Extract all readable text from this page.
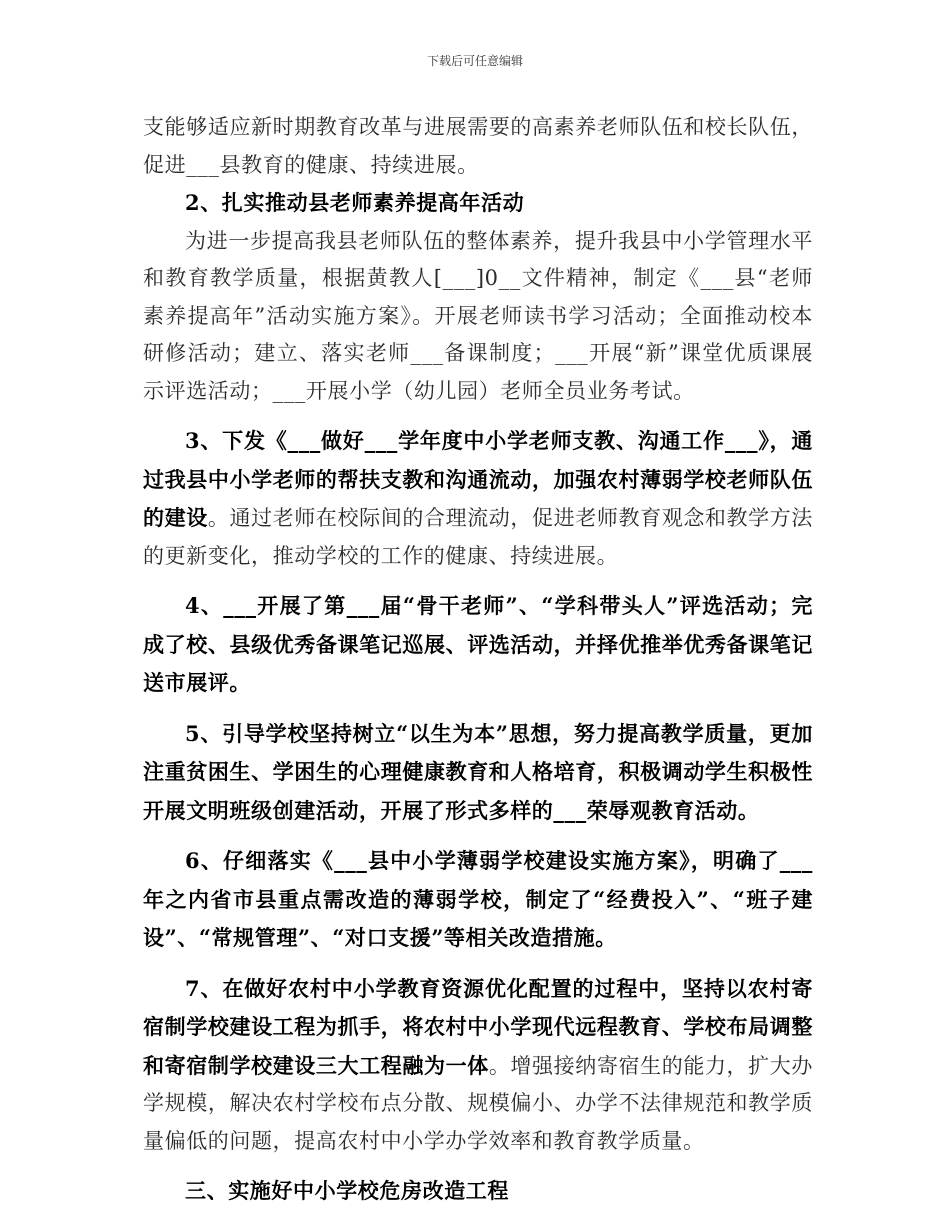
下载后可任意编辑

支能够适应新时期教育改革与进展需要的高素养老师队伍和校长队伍，促进___县教育的健康、持续进展。

2、扎实推动县老师素养提高年活动

为进一步提高我县老师队伍的整体素养，提升我县中小学管理水平和教育教学质量，根据黄教人[___]0__文件精神，制定《___县“老师素养提高年”活动实施方案》。开展老师读书学习活动；全面推动校本研修活动；建立、落实老师___备课制度；___开展“新”课堂优质课展示评选活动；___开展小学（幼儿园）老师全员业务考试。

3、下发《___做好___学年度中小学老师支教、沟通工作___》，通过我县中小学老师的帮扶支教和沟通流动，加强农村薄弱学校老师队伍的建设。通过老师在校际间的合理流动，促进老师教育观念和教学方法的更新变化，推动学校的工作的健康、持续进展。

4、___开展了第___届“骨干老师”、“学科带头人”评选活动；完成了校、县级优秀备课笔记巡展、评选活动，并择优推举优秀备课笔记送市展评。

5、引导学校坚持树立“以生为本”思想，努力提高教学质量，更加注重贫困生、学困生的心理健康教育和人格培育，积极调动学生积极性开展文明班级创建活动，开展了形式多样的___荣辱观教育活动。

6、仔细落实《___县中小学薄弱学校建设实施方案》，明确了___年之内省市县重点需改造的薄弱学校，制定了“经费投入”、“班子建设”、“常规管理”、“对口支援”等相关改造措施。

7、在做好农村中小学教育资源优化配置的过程中，坚持以农村寄宿制学校建设工程为抓手，将农村中小学现代远程教育、学校布局调整和寄宿制学校建设三大工程融为一体。增强接纳寄宿生的能力，扩大办学规模，解决农村学校布点分散、规模偏小、办学不法律规范和教学质量偏低的问题，提高农村中小学办学效率和教育教学质量。

三、实施好中小学校危房改造工程
